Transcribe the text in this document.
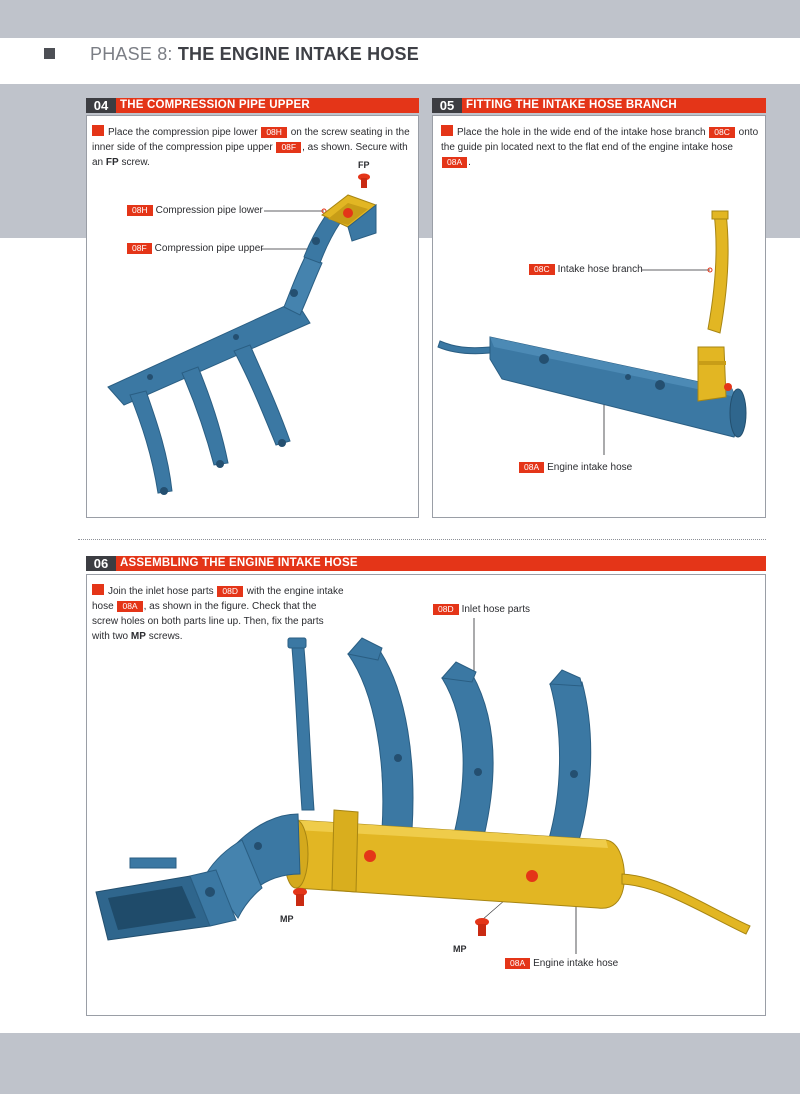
PHASE 8: THE ENGINE INTAKE HOSE
04	THE COMPRESSION PIPE UPPER
Place the compression pipe lower 08H on the screw seating in the inner side of the compression pipe upper 08F , as shown. Secure with an FP screw.
08H Compression pipe lower
08F Compression pipe upper
FP
05	FITTING THE INTAKE HOSE BRANCH
Place the hole in the wide end of the intake hose branch 08C onto the guide pin located next to the flat end of the engine intake hose 08A .
08C Intake hose branch
08A Engine intake hose
06	ASSEMBLING THE ENGINE INTAKE HOSE
Join the inlet hose parts 08D with the engine intake hose 08A , as shown in the figure. Check that the screw holes on both parts line up. Then, fix the parts with two MP screws.
08D Inlet hose parts
08A Engine intake hose
MP
MP
